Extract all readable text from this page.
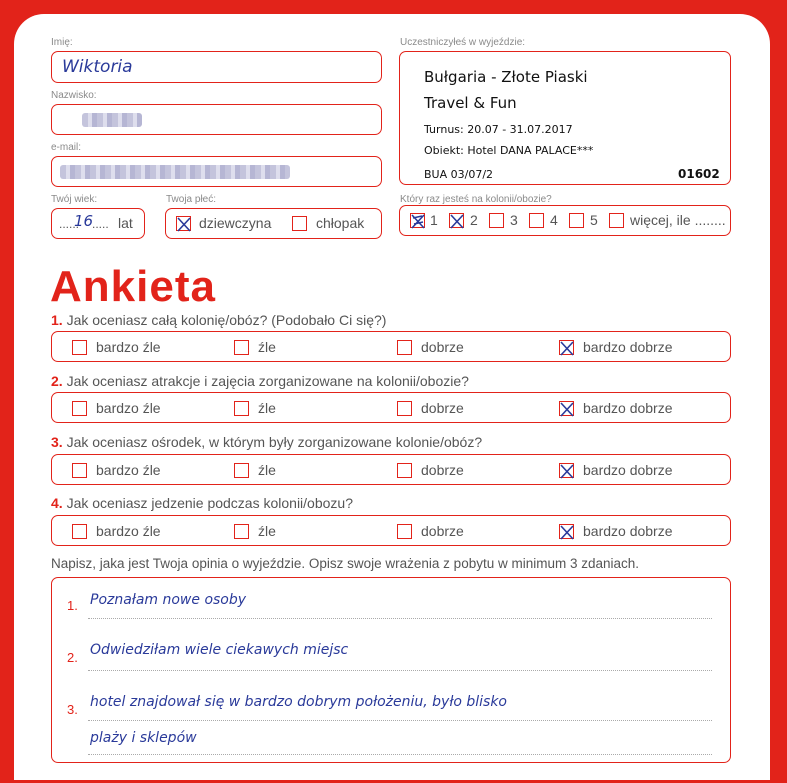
Imię:
Wiktoria
Nazwisko:
e-mail:
Twój wiek:
......
16
..... lat
Twoja płeć:
dziewczyna	chłopak
Uczestniczyłeś w wyjeździe:
Bułgaria - Złote Piaski
Travel & Fun
Turnus: 20.07 - 31.07.2017
Obiekt: Hotel DANA PALACE***
BUA 03/07/2	01602
Który raz jesteś na kolonii/obozie?
1 2 3 4 5 więcej, ile ........
Ankieta
1. Jak oceniasz całą kolonię/obóz? (Podobało Ci się?)
bardzo źle	źle	dobrze	bardzo dobrze
2. Jak oceniasz atrakcje i zajęcia zorganizowane na kolonii/obozie?
bardzo źle	źle	dobrze	bardzo dobrze
3. Jak oceniasz ośrodek, w którym były zorganizowane kolonie/obóz?
bardzo źle	źle	dobrze	bardzo dobrze
4. Jak oceniasz jedzenie podczas kolonii/obozu?
bardzo źle	źle	dobrze	bardzo dobrze
Napisz, jaka jest Twoja opinia o wyjeździe. Opisz swoje wrażenia z pobytu w minimum 3 zdaniach.
1. Poznałam nowe osoby
2. Odwiedziłam wiele ciekawych miejsc
3. hotel znajdował się w bardzo dobrym położeniu, było blisko
plaży i sklepów
